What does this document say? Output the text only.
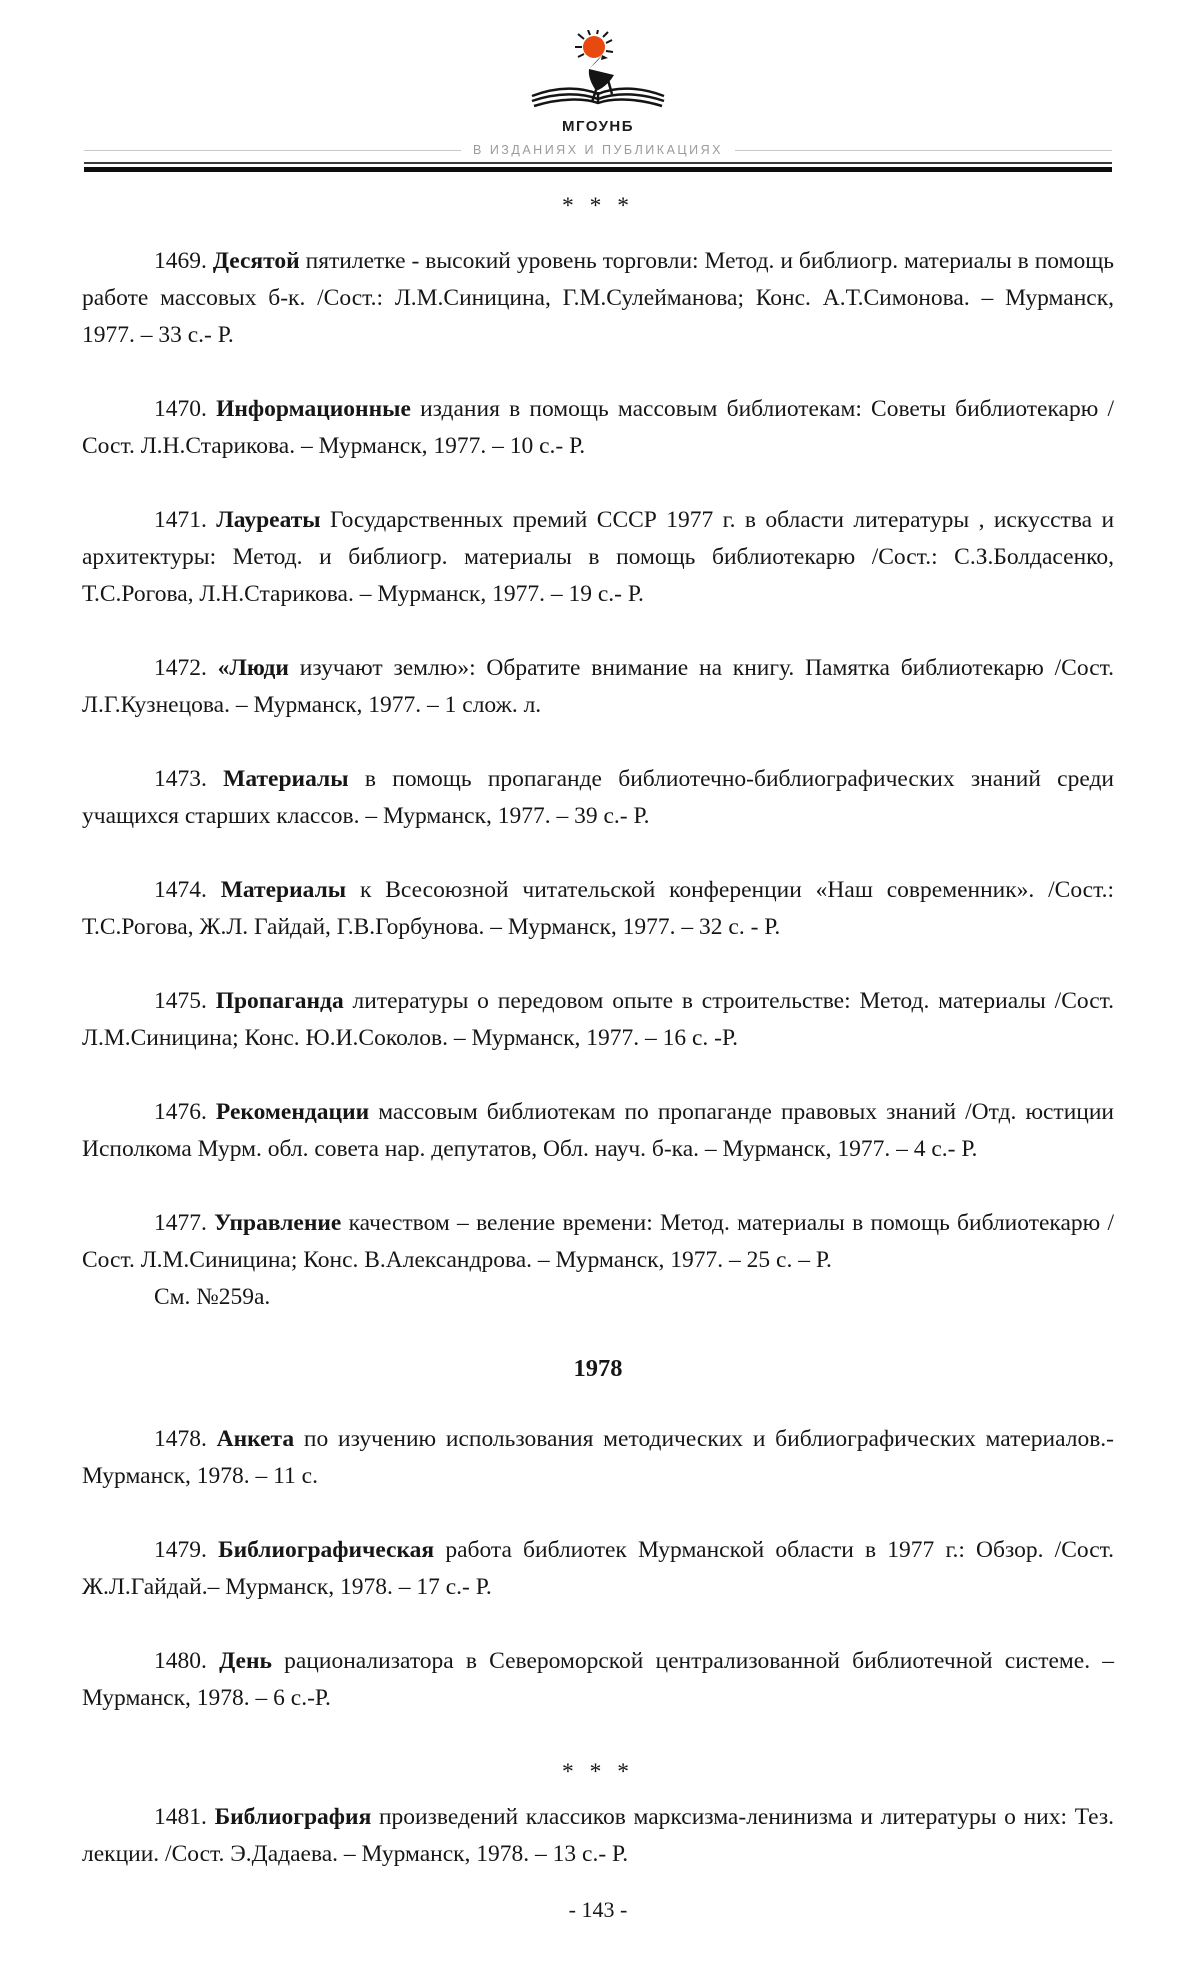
МГОУНБ
В ИЗДАНИЯХ И ПУБЛИКАЦИЯХ

* * *

1469. Десятой пятилетке - высокий уровень торговли: Метод. и библиогр. материалы в помощь работе массовых б-к. /Сост.: Л.М.Синицина, Г.М.Сулейманова; Конс. А.Т.Симонова. – Мурманск, 1977. – 33 с.- Р.

1470. Информационные издания в помощь массовым библиотекам: Советы библиотекарю /Сост. Л.Н.Старикова. – Мурманск, 1977. – 10 с.- Р.

1471. Лауреаты Государственных премий СССР 1977 г. в области литературы , искусства и архитектуры: Метод. и библиогр. материалы в помощь библиотекарю /Сост.: С.З.Болдасенко, Т.С.Рогова, Л.Н.Старикова. – Мурманск, 1977. – 19 с.- Р.

1472. «Люди изучают землю»: Обратите внимание на книгу. Памятка библиотекарю /Сост. Л.Г.Кузнецова. – Мурманск, 1977. – 1 слож. л.

1473. Материалы в помощь пропаганде библиотечно-библиографических знаний среди учащихся старших классов. – Мурманск, 1977. – 39 с.- Р.

1474. Материалы к Всесоюзной читательской конференции «Наш современник». /Сост.: Т.С.Рогова, Ж.Л. Гайдай, Г.В.Горбунова. – Мурманск, 1977. – 32 с. - Р.

1475. Пропаганда литературы о передовом опыте в строительстве: Метод. материалы /Сост. Л.М.Синицина; Конс. Ю.И.Соколов. – Мурманск, 1977. – 16 с. -Р.

1476. Рекомендации массовым библиотекам по пропаганде правовых знаний /Отд. юстиции Исполкома Мурм. обл. совета нар. депутатов, Обл. науч. б-ка. – Мурманск, 1977. – 4 с.- Р.

1477. Управление качеством – веление времени: Метод. материалы в помощь библиотекарю /Сост. Л.М.Синицина; Конс. В.Александрова. – Мурманск, 1977. – 25 с. – Р.

См. №259а.

1978

1478. Анкета по изучению использования методических и библиографических материалов.- Мурманск, 1978. – 11 с.

1479. Библиографическая работа библиотек Мурманской области в 1977 г.: Обзор. /Сост. Ж.Л.Гайдай.– Мурманск, 1978. – 17 с.- Р.

1480. День рационализатора в Североморской централизованной библиотечной системе. – Мурманск, 1978. – 6 с.-Р.

* * *

1481. Библиография произведений классиков марксизма-ленинизма и литературы о них: Тез. лекции. /Сост. Э.Дадаева. – Мурманск, 1978. – 13 с.- Р.

- 143 -
